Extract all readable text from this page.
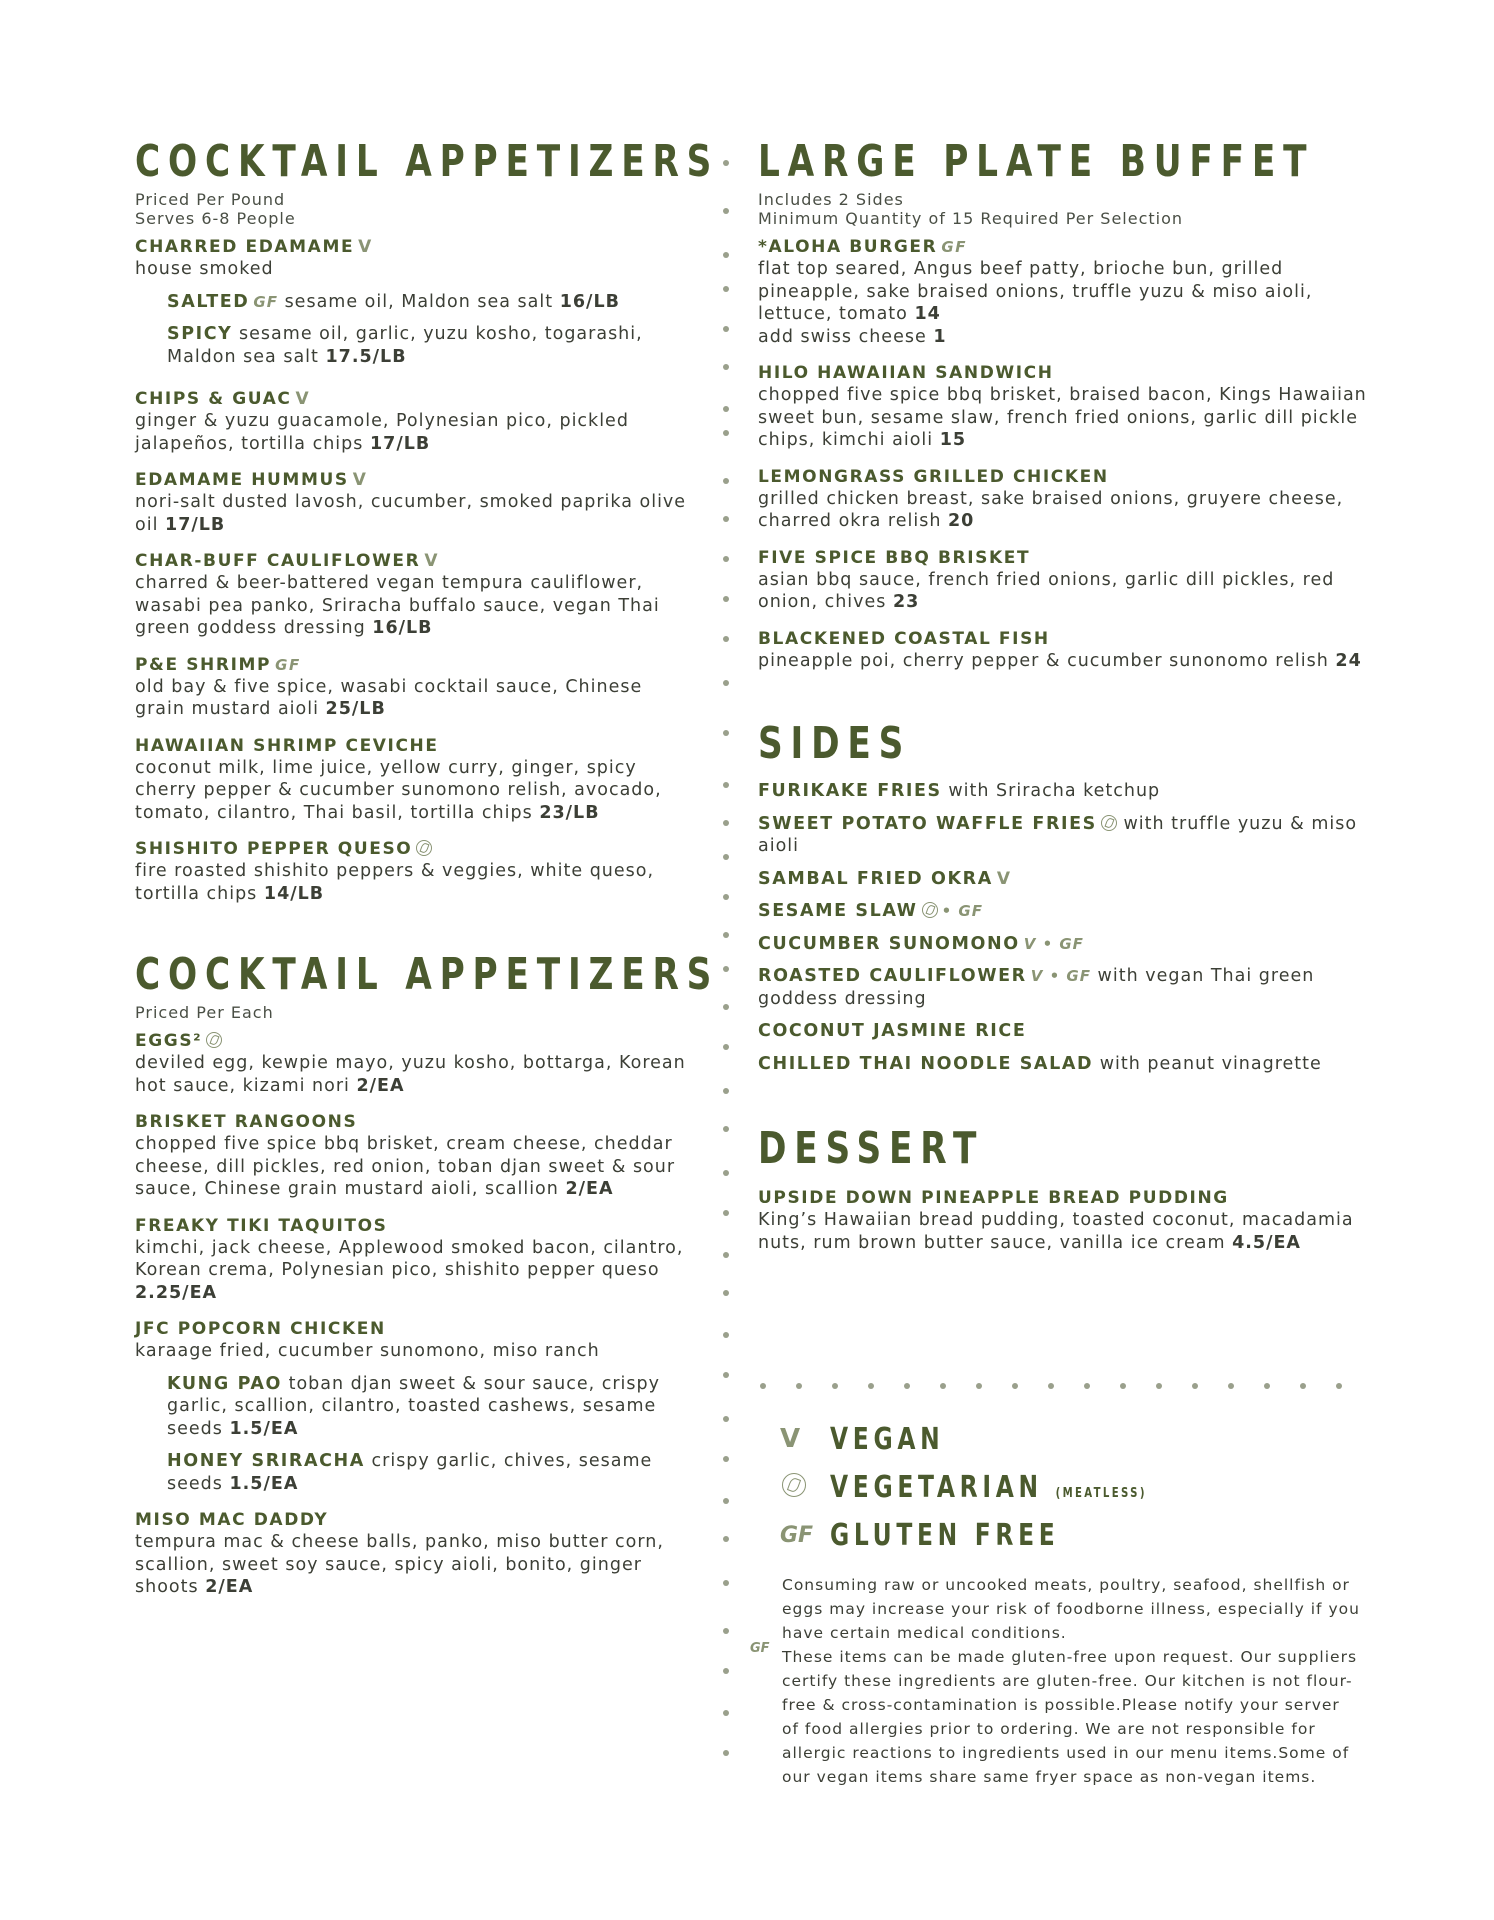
COCKTAIL APPETIZERS
Priced Per Pound
Serves 6-8 People
CHARRED EDAMAME V
house smoked
SALTED GF sesame oil, Maldon sea salt 16/LB
SPICY sesame oil, garlic, yuzu kosho, togarashi, Maldon sea salt 17.5/LB
CHIPS & GUAC V
ginger & yuzu guacamole, Polynesian pico, pickled jalapeños, tortilla chips 17/LB
EDAMAME HUMMUS V
nori-salt dusted lavosh, cucumber, smoked paprika olive oil 17/LB
CHAR-BUFF CAULIFLOWER V
charred & beer-battered vegan tempura cauliflower, wasabi pea panko, Sriracha buffalo sauce, vegan Thai green goddess dressing 16/LB
P&E SHRIMP GF
old bay & five spice, wasabi cocktail sauce, Chinese grain mustard aioli 25/LB
HAWAIIAN SHRIMP CEVICHE
coconut milk, lime juice, yellow curry, ginger, spicy cherry pepper & cucumber sunomono relish, avocado, tomato, cilantro, Thai basil, tortilla chips 23/LB
SHISHITO PEPPER QUESO
fire roasted shishito peppers & veggies, white queso, tortilla chips 14/LB
COCKTAIL APPETIZERS
Priced Per Each
EGGS²
deviled egg, kewpie mayo, yuzu kosho, bottarga, Korean hot sauce, kizami nori 2/EA
BRISKET RANGOONS
chopped five spice bbq brisket, cream cheese, cheddar cheese, dill pickles, red onion, toban djan sweet & sour sauce, Chinese grain mustard aioli, scallion 2/EA
FREAKY TIKI TAQUITOS
kimchi, jack cheese, Applewood smoked bacon, cilantro, Korean crema, Polynesian pico, shishito pepper queso 2.25/EA
JFC POPCORN CHICKEN
karaage fried, cucumber sunomono, miso ranch
KUNG PAO toban djan sweet & sour sauce, crispy garlic, scallion, cilantro, toasted cashews, sesame seeds 1.5/EA
HONEY SRIRACHA crispy garlic, chives, sesame seeds 1.5/EA
MISO MAC DADDY
tempura mac & cheese balls, panko, miso butter corn, scallion, sweet soy sauce, spicy aioli, bonito, ginger shoots 2/EA
LARGE PLATE BUFFET
Includes 2 Sides
Minimum Quantity of 15 Required Per Selection
*ALOHA BURGER GF
flat top seared, Angus beef patty, brioche bun, grilled pineapple, sake braised onions, truffle yuzu & miso aioli, lettuce, tomato 14
add swiss cheese 1
HILO HAWAIIAN SANDWICH
chopped five spice bbq brisket, braised bacon, Kings Hawaiian sweet bun, sesame slaw, french fried onions, garlic dill pickle chips, kimchi aioli 15
LEMONGRASS GRILLED CHICKEN
grilled chicken breast, sake braised onions, gruyere cheese, charred okra relish 20
FIVE SPICE BBQ BRISKET
asian bbq sauce, french fried onions, garlic dill pickles, red onion, chives 23
BLACKENED COASTAL FISH
pineapple poi, cherry pepper & cucumber sunonomo relish 24
SIDES
FURIKAKE FRIES with Sriracha ketchup
SWEET POTATO WAFFLE FRIES with truffle yuzu & miso aioli
SAMBAL FRIED OKRA V
SESAME SLAW • GF
CUCUMBER SUNOMONO V • GF
ROASTED CAULIFLOWER V • GF with vegan Thai green goddess dressing
COCONUT JASMINE RICE
CHILLED THAI NOODLE SALAD with peanut vinagrette
DESSERT
UPSIDE DOWN PINEAPPLE BREAD PUDDING
King’s Hawaiian bread pudding, toasted coconut, macadamia nuts, rum brown butter sauce, vanilla ice cream 4.5/EA
V VEGAN
VEGETARIAN (MEATLESS)
GF GLUTEN FREE
GF
Consuming raw or uncooked meats, poultry, seafood, shellfish or eggs may increase your risk of foodborne illness, especially if you have certain medical conditions.
These items can be made gluten-free upon request. Our suppliers certify these ingredients are gluten-free. Our kitchen is not flour-free & cross-contamination is possible.Please notify your server of food allergies prior to ordering. We are not responsible for allergic reactions to ingredients used in our menu items.Some of our vegan items share same fryer space as non-vegan items.
